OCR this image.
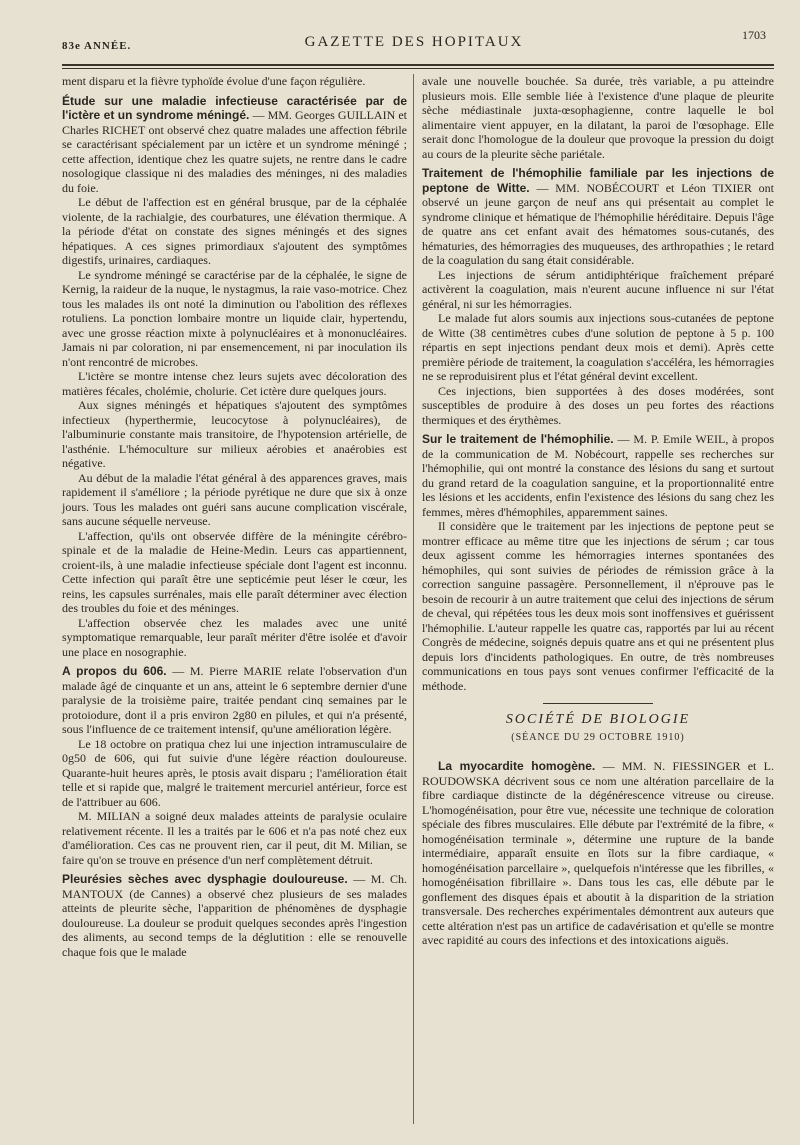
83e ANNÉE.	GAZETTE DES HOPITAUX	1703

ment disparu et la fièvre typhoïde évolue d'une façon régulière.

Étude sur une maladie infectieuse caractérisée par de l'ictère et un syndrome méningé. — MM. Georges GUILLAIN et Charles RICHET ont observé chez quatre malades une affection fébrile se caractérisant spécialement par un ictère et un syndrome méningé ; cette affection, identique chez les quatre sujets, ne rentre dans le cadre nosologique classique ni des maladies des méninges, ni des maladies du foie.

Le début de l'affection est en général brusque, par de la céphalée violente, de la rachialgie, des courbatures, une élévation thermique. A la période d'état on constate des signes méningés et des signes hépatiques. A ces signes primordiaux s'ajoutent des symptômes digestifs, urinaires, cardiaques.

Le syndrome méningé se caractérise par de la céphalée, le signe de Kernig, la raideur de la nuque, le nystagmus, la raie vaso-motrice. Chez tous les malades ils ont noté la diminution ou l'abolition des réflexes rotuliens. La ponction lombaire montre un liquide clair, hypertendu, avec une grosse réaction mixte à polynucléaires et à mononucléaires. Jamais ni par coloration, ni par ensemencement, ni par inoculation ils n'ont rencontré de microbes.

L'ictère se montre intense chez leurs sujets avec décoloration des matières fécales, cholémie, cholurie. Cet ictère dure quelques jours.

Aux signes méningés et hépatiques s'ajoutent des symptômes infectieux (hyperthermie, leucocytose à polynucléaires), de l'albuminurie constante mais transitoire, de l'hypotension artérielle, de l'asthénie. L'hémoculture sur milieux aérobies et anaérobies est négative.

Au début de la maladie l'état général à des apparences graves, mais rapidement il s'améliore ; la période pyrétique ne dure que six à onze jours. Tous les malades ont guéri sans aucune complication viscérale, sans aucune séquelle nerveuse.

L'affection, qu'ils ont observée diffère de la méningite cérébro-spinale et de la maladie de Heine-Medin. Leurs cas appartiennent, croient-ils, à une maladie infectieuse spéciale dont l'agent est inconnu. Cette infection qui paraît être une septicémie peut léser le cœur, les reins, les capsules surrénales, mais elle paraît déterminer avec élection des troubles du foie et des méninges.

L'affection observée chez les malades avec une unité symptomatique remarquable, leur paraît mériter d'être isolée et d'avoir une place en nosographie.

A propos du 606. — M. Pierre MARIE relate l'observation d'un malade âgé de cinquante et un ans, atteint le 6 septembre dernier d'une paralysie de la troisième paire, traitée pendant cinq semaines par le protoiodure, dont il a pris environ 2g80 en pilules, et qui n'a présenté, sous l'influence de ce traitement intensif, qu'une amélioration légère.

Le 18 octobre on pratiqua chez lui une injection intramusculaire de 0g50 de 606, qui fut suivie d'une légère réaction douloureuse. Quarante-huit heures après, le ptosis avait disparu ; l'amélioration était telle et si rapide que, malgré le traitement mercuriel antérieur, force est de l'attribuer au 606.

M. MILIAN a soigné deux malades atteints de paralysie oculaire relativement récente. Il les a traités par le 606 et n'a pas noté chez eux d'amélioration. Ces cas ne prouvent rien, car il peut, dit M. Milian, se faire qu'on se trouve en présence d'un nerf complètement détruit.

Pleurésies sèches avec dysphagie douloureuse. — M. Ch. MANTOUX (de Cannes) a observé chez plusieurs de ses malades atteints de pleurite sèche, l'apparition de phénomènes de dysphagie douloureuse. La douleur se produit quelques secondes après l'ingestion des aliments, au second temps de la déglutition : elle se renouvelle chaque fois que le malade

avale une nouvelle bouchée. Sa durée, très variable, a pu atteindre plusieurs mois. Elle semble liée à l'existence d'une plaque de pleurite sèche médiastinale juxta-œsophagienne, contre laquelle le bol alimentaire vient appuyer, en la dilatant, la paroi de l'œsophage. Elle serait donc l'homologue de la douleur que provoque la pression du doigt au cours de la pleurite sèche pariétale.

Traitement de l'hémophilie familiale par les injections de peptone de Witte. — MM. NOBÉCOURT et Léon TIXIER ont observé un jeune garçon de neuf ans qui présentait au complet le syndrome clinique et hématique de l'hémophilie héréditaire. Depuis l'âge de quatre ans cet enfant avait des hématomes sous-cutanés, des hématuries, des hémorragies des muqueuses, des arthropathies ; le retard de la coagulation du sang était considérable.

Les injections de sérum antidiphtérique fraîchement préparé activèrent la coagulation, mais n'eurent aucune influence ni sur l'état général, ni sur les hémorragies.

Le malade fut alors soumis aux injections sous-cutanées de peptone de Witte (38 centimètres cubes d'une solution de peptone à 5 p. 100 répartis en sept injections pendant deux mois et demi). Après cette première période de traitement, la coagulation s'accéléra, les hémorragies ne se reproduisirent plus et l'état général devint excellent.

Ces injections, bien supportées à des doses modérées, sont susceptibles de produire à des doses un peu fortes des réactions thermiques et des érythèmes.

Sur le traitement de l'hémophilie. — M. P. Emile WEIL, à propos de la communication de M. Nobécourt, rappelle ses recherches sur l'hémophilie, qui ont montré la constance des lésions du sang et surtout du grand retard de la coagulation sanguine, et la proportionnalité entre les lésions et les accidents, enfin l'existence des lésions du sang chez les femmes, mères d'hémophiles, apparemment saines.

Il considère que le traitement par les injections de peptone peut se montrer efficace au même titre que les injections de sérum ; car tous deux agissent comme les hémorragies internes spontanées des hémophiles, qui sont suivies de périodes de rémission grâce à la correction sanguine passagère. Personnellement, il n'éprouve pas le besoin de recourir à un autre traitement que celui des injections de sérum de cheval, qui répétées tous les deux mois sont inoffensives et guérissent l'hémophilie. L'auteur rappelle les quatre cas, rapportés par lui au récent Congrès de médecine, soignés depuis quatre ans et qui ne présentent plus depuis lors d'incidents pathologiques. En outre, de très nombreuses communications en tous pays sont venues confirmer l'efficacité de la méthode.

SOCIÉTÉ DE BIOLOGIE
(SÉANCE DU 29 OCTOBRE 1910)

La myocardite homogène. — MM. N. FIESSINGER et L. ROUDOWSKA décrivent sous ce nom une altération parcellaire de la fibre cardiaque distincte de la dégénérescence vitreuse ou cireuse. L'homogénéisation, pour être vue, nécessite une technique de coloration spéciale des fibres musculaires. Elle débute par l'extrémité de la fibre, « homogénéisation terminale », détermine une rupture de la bande intermédiaire, apparaît ensuite en îlots sur la fibre cardiaque, « homogénéisation parcellaire », quelquefois n'intéresse que les fibrilles, « homogénéisation fibrillaire ». Dans tous les cas, elle débute par le gonflement des disques épais et aboutit à la disparition de la striation transversale. Des recherches expérimentales démontrent aux auteurs que cette altération n'est pas un artifice de cadavérisation et qu'elle se montre avec rapidité au cours des infections et des intoxications aiguës.
